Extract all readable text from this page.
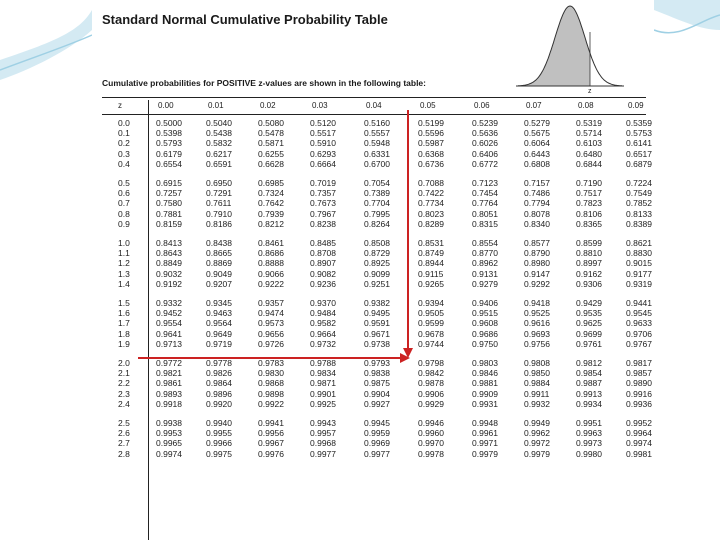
Standard Normal Cumulative Probability Table
Cumulative probabilities for POSITIVE z-values are shown in the following table:
z
z	0.00	0.01	0.02	0.03	0.04	0.05	0.06	0.07	0.08	0.09
0.0	0.5000	0.5040	0.5080	0.5120	0.5160	0.5199	0.5239	0.5279	0.5319	0.5359
0.1	0.5398	0.5438	0.5478	0.5517	0.5557	0.5596	0.5636	0.5675	0.5714	0.5753
0.2	0.5793	0.5832	0.5871	0.5910	0.5948	0.5987	0.6026	0.6064	0.6103	0.6141
0.3	0.6179	0.6217	0.6255	0.6293	0.6331	0.6368	0.6406	0.6443	0.6480	0.6517
0.4	0.6554	0.6591	0.6628	0.6664	0.6700	0.6736	0.6772	0.6808	0.6844	0.6879
0.5	0.6915	0.6950	0.6985	0.7019	0.7054	0.7088	0.7123	0.7157	0.7190	0.7224
0.6	0.7257	0.7291	0.7324	0.7357	0.7389	0.7422	0.7454	0.7486	0.7517	0.7549
0.7	0.7580	0.7611	0.7642	0.7673	0.7704	0.7734	0.7764	0.7794	0.7823	0.7852
0.8	0.7881	0.7910	0.7939	0.7967	0.7995	0.8023	0.8051	0.8078	0.8106	0.8133
0.9	0.8159	0.8186	0.8212	0.8238	0.8264	0.8289	0.8315	0.8340	0.8365	0.8389
1.0	0.8413	0.8438	0.8461	0.8485	0.8508	0.8531	0.8554	0.8577	0.8599	0.8621
1.1	0.8643	0.8665	0.8686	0.8708	0.8729	0.8749	0.8770	0.8790	0.8810	0.8830
1.2	0.8849	0.8869	0.8888	0.8907	0.8925	0.8944	0.8962	0.8980	0.8997	0.9015
1.3	0.9032	0.9049	0.9066	0.9082	0.9099	0.9115	0.9131	0.9147	0.9162	0.9177
1.4	0.9192	0.9207	0.9222	0.9236	0.9251	0.9265	0.9279	0.9292	0.9306	0.9319
1.5	0.9332	0.9345	0.9357	0.9370	0.9382	0.9394	0.9406	0.9418	0.9429	0.9441
1.6	0.9452	0.9463	0.9474	0.9484	0.9495	0.9505	0.9515	0.9525	0.9535	0.9545
1.7	0.9554	0.9564	0.9573	0.9582	0.9591	0.9599	0.9608	0.9616	0.9625	0.9633
1.8	0.9641	0.9649	0.9656	0.9664	0.9671	0.9678	0.9686	0.9693	0.9699	0.9706
1.9	0.9713	0.9719	0.9726	0.9732	0.9738	0.9744	0.9750	0.9756	0.9761	0.9767
2.0	0.9772	0.9778	0.9783	0.9788	0.9793	0.9798	0.9803	0.9808	0.9812	0.9817
2.1	0.9821	0.9826	0.9830	0.9834	0.9838	0.9842	0.9846	0.9850	0.9854	0.9857
2.2	0.9861	0.9864	0.9868	0.9871	0.9875	0.9878	0.9881	0.9884	0.9887	0.9890
2.3	0.9893	0.9896	0.9898	0.9901	0.9904	0.9906	0.9909	0.9911	0.9913	0.9916
2.4	0.9918	0.9920	0.9922	0.9925	0.9927	0.9929	0.9931	0.9932	0.9934	0.9936
2.5	0.9938	0.9940	0.9941	0.9943	0.9945	0.9946	0.9948	0.9949	0.9951	0.9952
2.6	0.9953	0.9955	0.9956	0.9957	0.9959	0.9960	0.9961	0.9962	0.9963	0.9964
2.7	0.9965	0.9966	0.9967	0.9968	0.9969	0.9970	0.9971	0.9972	0.9973	0.9974
2.8	0.9974	0.9975	0.9976	0.9977	0.9977	0.9978	0.9979	0.9979	0.9980	0.9981
